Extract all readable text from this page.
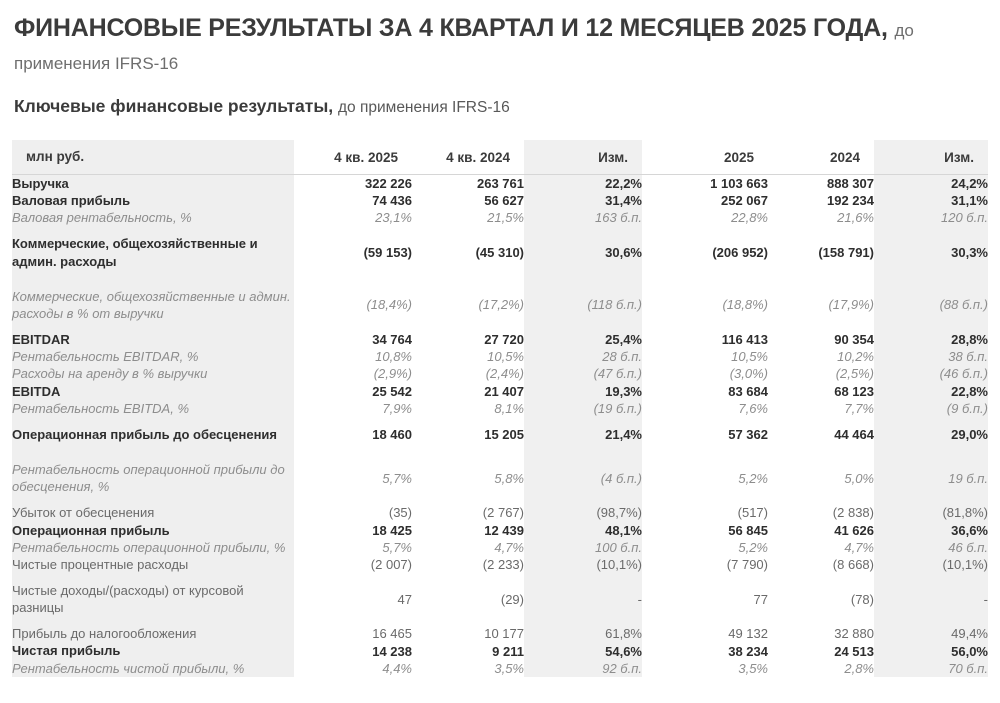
ФИНАНСОВЫЕ РЕЗУЛЬТАТЫ ЗА 4 КВАРТАЛ И 12 МЕСЯЦЕВ 2025 ГОДА, до применения IFRS-16
Ключевые финансовые результаты, до применения IFRS-16
млн руб.	4 кв. 2025	4 кв. 2024	Изм.	2025	2024	Изм.
Выручка	322 226	263 761	22,2%	1 103 663	888 307	24,2%
Валовая прибыль	74 436	56 627	31,4%	252 067	192 234	31,1%
Валовая рентабельность, %	23,1%	21,5%	163 б.п.	22,8%	21,6%	120 б.п.
Коммерческие, общехозяйственные и админ. расходы	(59 153)	(45 310)	30,6%	(206 952)	(158 791)	30,3%
Коммерческие, общехозяйственные и админ. расходы в % от выручки	(18,4%)	(17,2%)	(118 б.п.)	(18,8%)	(17,9%)	(88 б.п.)
EBITDAR	34 764	27 720	25,4%	116 413	90 354	28,8%
Рентабельность EBITDAR, %	10,8%	10,5%	28 б.п.	10,5%	10,2%	38 б.п.
Расходы на аренду в % выручки	(2,9%)	(2,4%)	(47 б.п.)	(3,0%)	(2,5%)	(46 б.п.)
EBITDA	25 542	21 407	19,3%	83 684	68 123	22,8%
Рентабельность EBITDA, %	7,9%	8,1%	(19 б.п.)	7,6%	7,7%	(9 б.п.)
Операционная прибыль до обесценения	18 460	15 205	21,4%	57 362	44 464	29,0%
Рентабельность операционной прибыли до обесценения, %	5,7%	5,8%	(4 б.п.)	5,2%	5,0%	19 б.п.
Убыток от обесценения	(35)	(2 767)	(98,7%)	(517)	(2 838)	(81,8%)
Операционная прибыль	18 425	12 439	48,1%	56 845	41 626	36,6%
Рентабельность операционной прибыли, %	5,7%	4,7%	100 б.п.	5,2%	4,7%	46 б.п.
Чистые процентные расходы	(2 007)	(2 233)	(10,1%)	(7 790)	(8 668)	(10,1%)
Чистые доходы/(расходы) от курсовой разницы	47	(29)	-	77	(78)	-
Прибыль до налогообложения	16 465	10 177	61,8%	49 132	32 880	49,4%
Чистая прибыль	14 238	9 211	54,6%	38 234	24 513	56,0%
Рентабельность чистой прибыли, %	4,4%	3,5%	92 б.п.	3,5%	2,8%	70 б.п.
